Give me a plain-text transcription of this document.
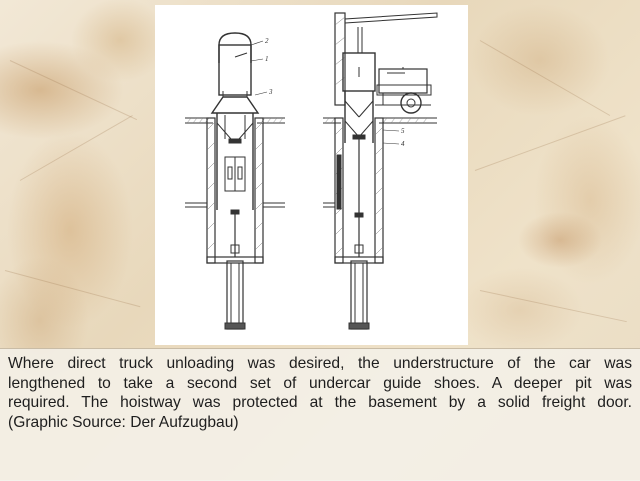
2
1
3
5
4
Where direct truck unloading was desired, the understructure of the car was
lengthened to take a second set of undercar guide shoes. A deeper pit was
required. The hoistway was protected at the basement by a solid freight door.
(Graphic Source: Der Aufzugbau)
